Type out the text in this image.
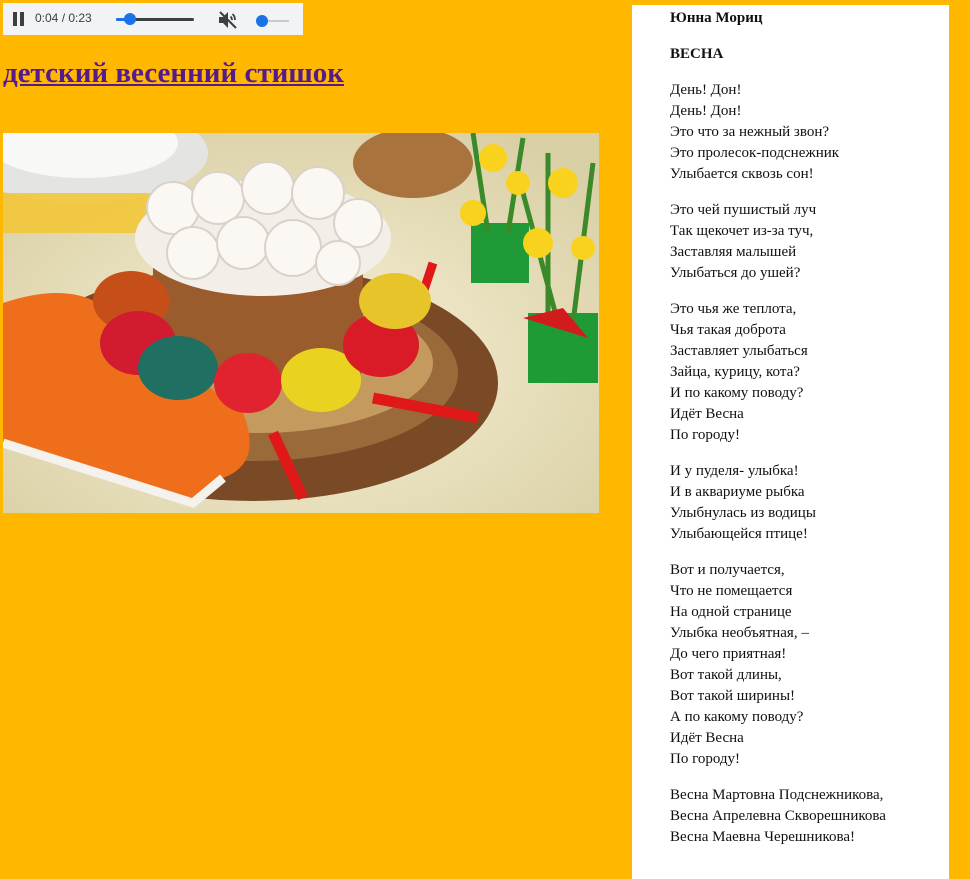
0:04 / 0:23
детский весенний стишок
Юнна Мориц
ВЕСНА
День! Дон!
День! Дон!
Это что за нежный звон?
Это пролесок-подснежник
Улыбается сквозь сон!
Это чей пушистый луч
Так щекочет из-за туч,
Заставляя малышей
Улыбаться до ушей?
Это чья же теплота,
Чья такая доброта
Заставляет улыбаться
Зайца, курицу, кота?
И по какому поводу?
Идёт Весна
По городу!
И у пуделя- улыбка!
И в аквариуме рыбка
Улыбнулась из водицы
Улыбающейся птице!
Вот и получается,
Что не помещается
На одной странице
Улыбка необъятная, –
До чего приятная!
Вот такой длины,
Вот такой ширины!
А по какому поводу?
Идёт Весна
По городу!
Весна Мартовна Подснежникова,
Весна Апрелевна Скворешникова
Весна Маевна Черешникова!
